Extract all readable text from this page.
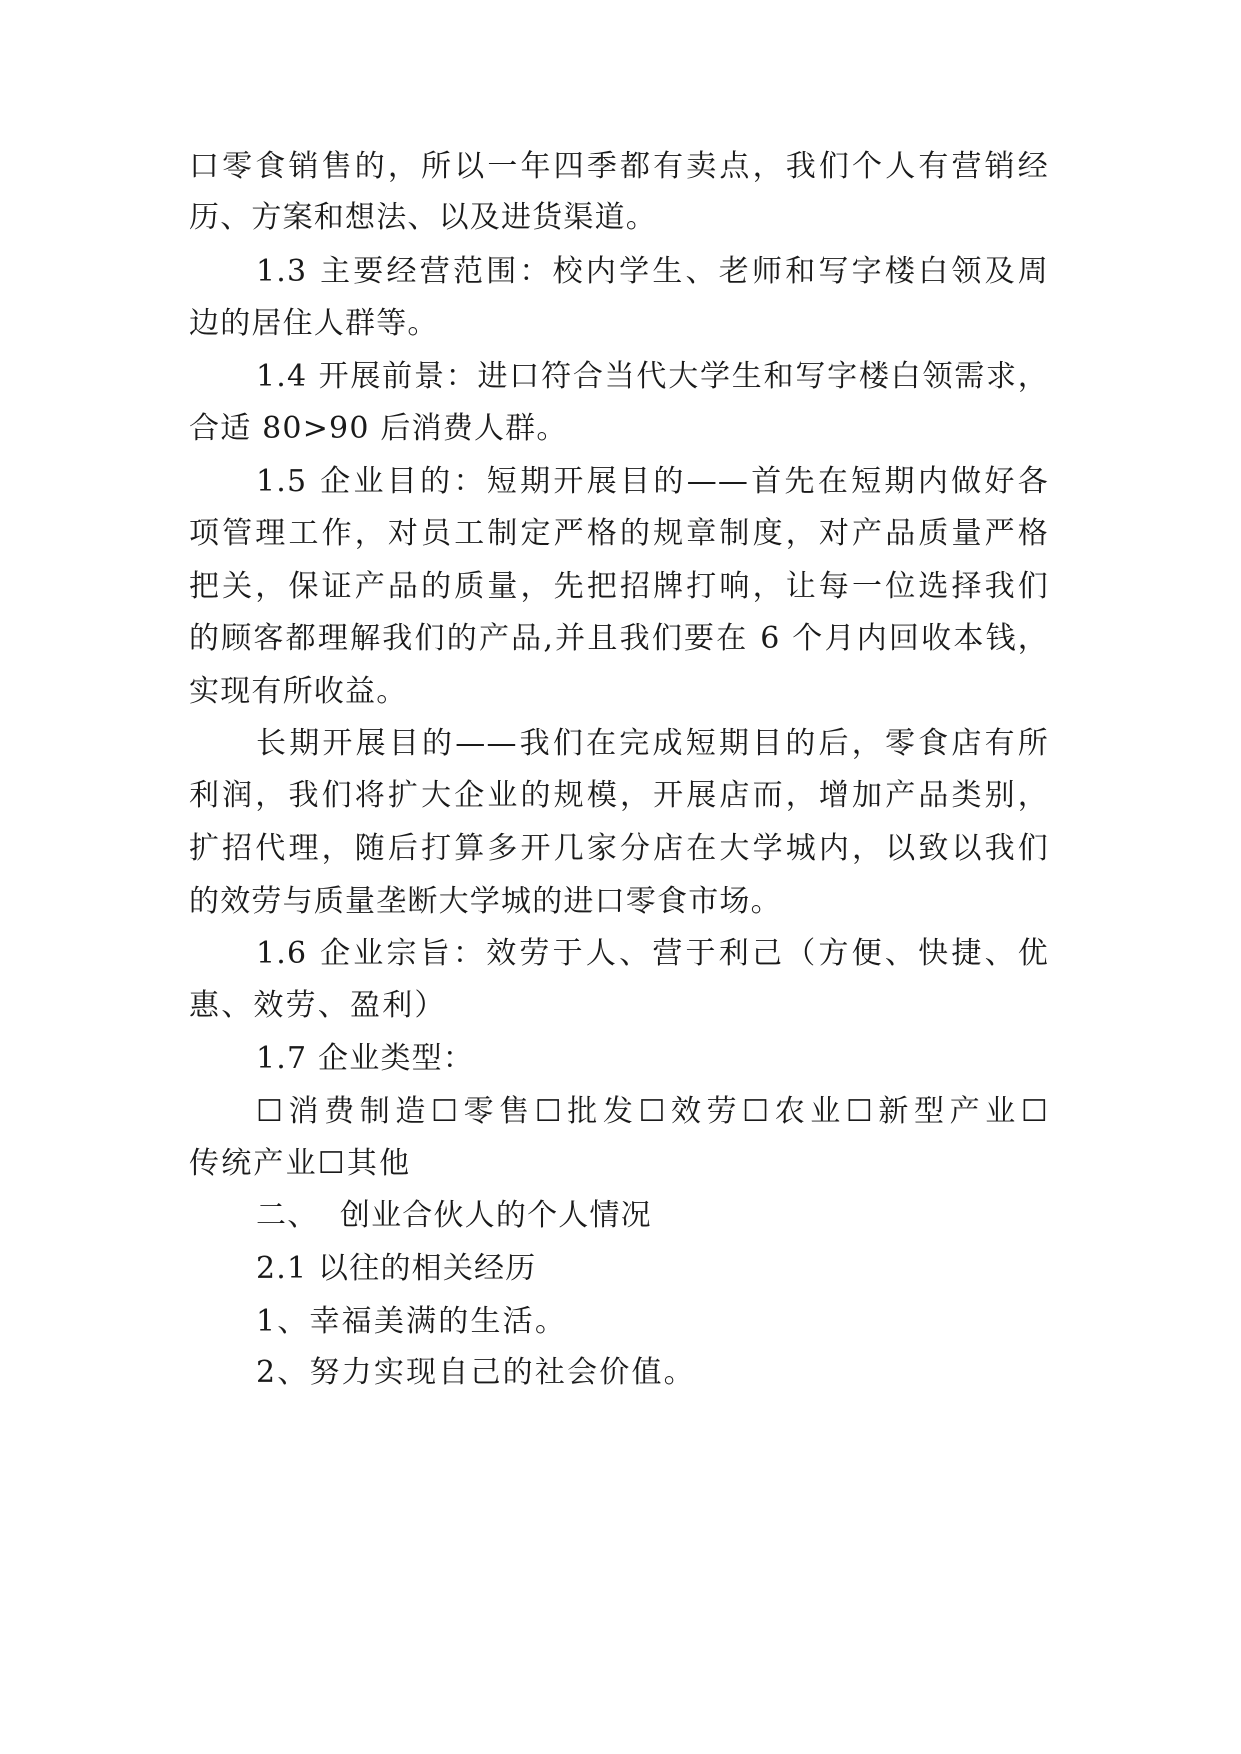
口零食销售的，所以一年四季都有卖点，我们个人有营销经
历、方案和想法、以及进货渠道。
1.3 主要经营范围：校内学生、老师和写字楼白领及周
边的居住人群等。
1.4 开展前景：进口符合当代大学生和写字楼白领需求，
合适 80>90 后消费人群。
1.5 企业目的：短期开展目的——首先在短期内做好各
项管理工作，对员工制定严格的规章制度，对产品质量严格
把关，保证产品的质量，先把招牌打响，让每一位选择我们
的顾客都理解我们的产品,并且我们要在 6 个月内回收本钱，
实现有所收益。
长期开展目的——我们在完成短期目的后，零食店有所
利润，我们将扩大企业的规模，开展店而，增加产品类别，
扩招代理，随后打算多开几家分店在大学城内，以致以我们
的效劳与质量垄断大学城的进口零食市场。
1.6 企业宗旨：效劳于人、营于利己（方便、快捷、优
惠、效劳、盈利）
1.7 企业类型：
☐消费制造☐零售☐批发☐效劳☐农业☐新型产业☐
传统产业☐其他
二、  创业合伙人的个人情况
2.1 以往的相关经历
1、幸福美满的生活。
2、努力实现自己的社会价值。
